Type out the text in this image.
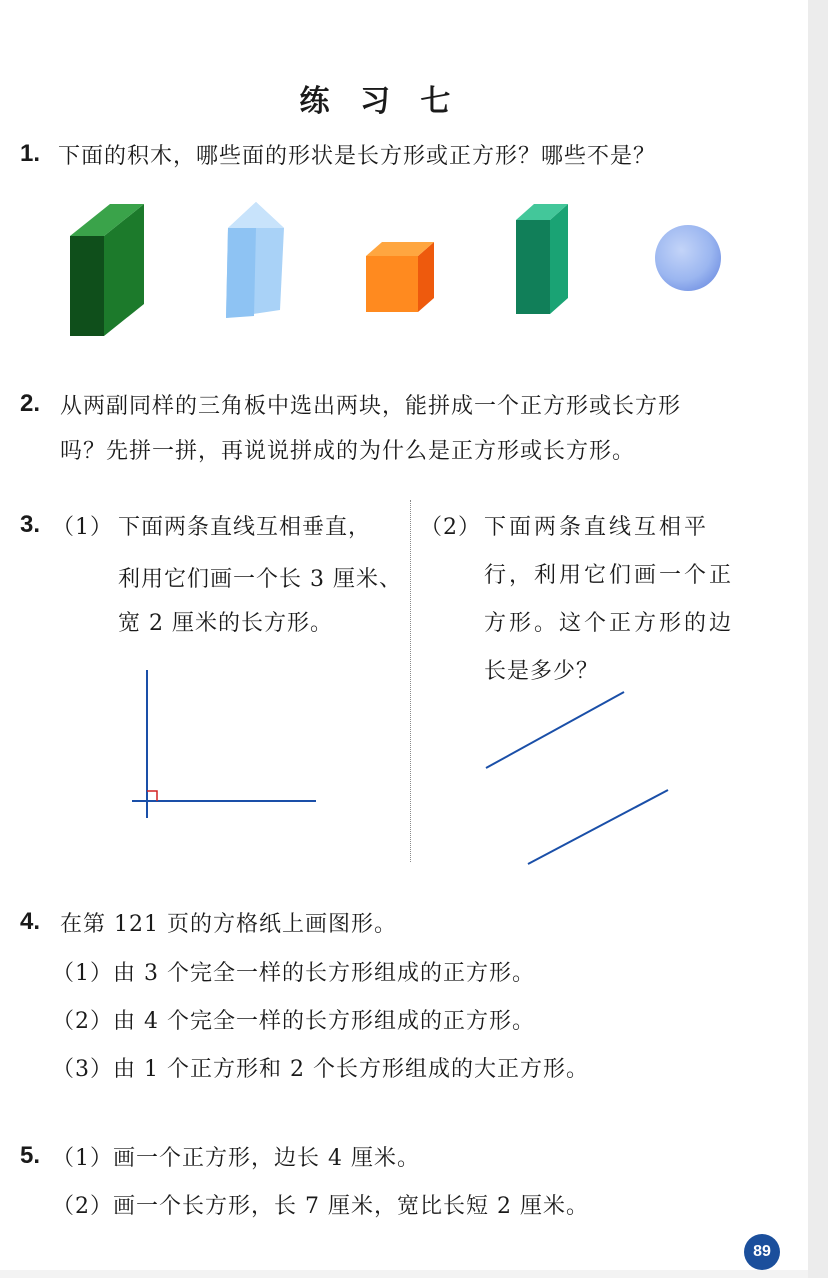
练 习 七
1. 下面的积木，哪些面的形状是长方形或正方形？哪些不是？
2. 从两副同样的三角板中选出两块，能拼成一个正方形或长方形
吗？先拼一拼，再说说拼成的为什么是正方形或长方形。
3. （1） 下面两条直线互相垂直，
利用它们画一个长 3 厘米、
宽 2 厘米的长方形。
（2） 下面两条直线互相平
行，利用它们画一个正
方形。这个正方形的边
长是多少？
4. 在第 121 页的方格纸上画图形。
（1）由 3 个完全一样的长方形组成的正方形。
（2）由 4 个完全一样的长方形组成的正方形。
（3）由 1 个正方形和 2 个长方形组成的大正方形。
5. （1）画一个正方形，边长 4 厘米。
（2）画一个长方形，长 7 厘米，宽比长短 2 厘米。
89
